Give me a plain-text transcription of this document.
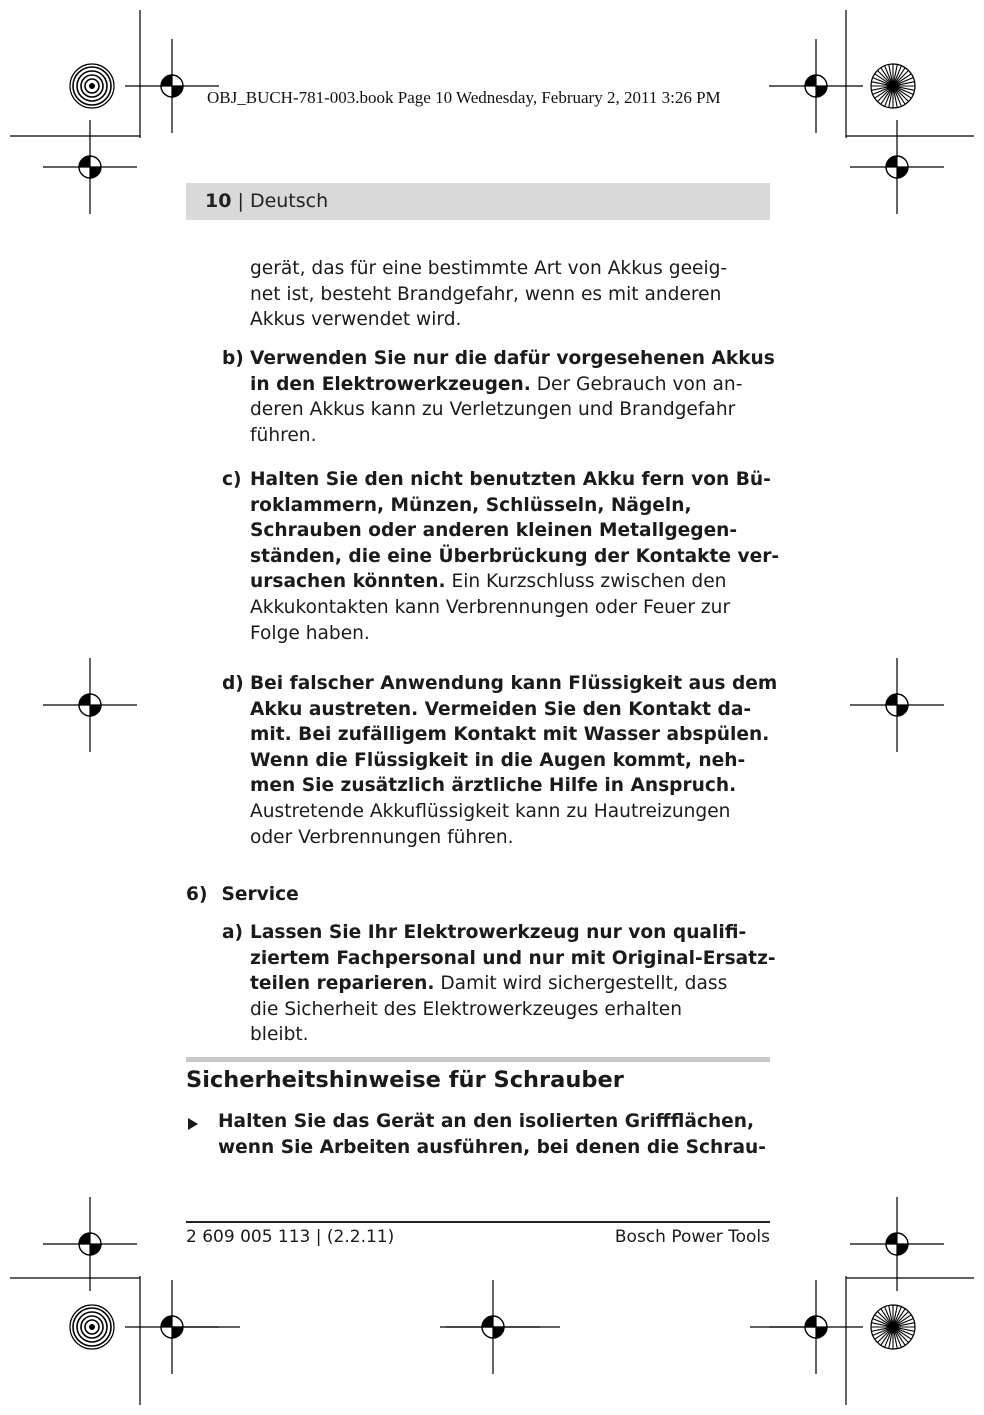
OBJ_BUCH-781-003.book Page 10 Wednesday, February 2, 2011 3:26 PM
10 | Deutsch
gerät, das für eine bestimmte Art von Akkus geeig-
net ist, besteht Brandgefahr, wenn es mit anderen
Akkus verwendet wird.
b) Verwenden Sie nur die dafür vorgesehenen Akkus
in den Elektrowerkzeugen. Der Gebrauch von an-
deren Akkus kann zu Verletzungen und Brandgefahr
führen.
c) Halten Sie den nicht benutzten Akku fern von Bü-
roklammern, Münzen, Schlüsseln, Nägeln,
Schrauben oder anderen kleinen Metallgegen-
ständen, die eine Überbrückung der Kontakte ver-
ursachen könnten. Ein Kurzschluss zwischen den
Akkukontakten kann Verbrennungen oder Feuer zur
Folge haben.
d) Bei falscher Anwendung kann Flüssigkeit aus dem
Akku austreten. Vermeiden Sie den Kontakt da-
mit. Bei zufälligem Kontakt mit Wasser abspülen.
Wenn die Flüssigkeit in die Augen kommt, neh-
men Sie zusätzlich ärztliche Hilfe in Anspruch.
Austretende Akkuflüssigkeit kann zu Hautreizungen
oder Verbrennungen führen.
6) Service
a) Lassen Sie Ihr Elektrowerkzeug nur von qualifi-
ziertem Fachpersonal und nur mit Original-Ersatz-
teilen reparieren. Damit wird sichergestellt, dass
die Sicherheit des Elektrowerkzeuges erhalten
bleibt.
Sicherheitshinweise für Schrauber
Halten Sie das Gerät an den isolierten Griffflächen,
wenn Sie Arbeiten ausführen, bei denen die Schrau-
2 609 005 113 | (2.2.11)	Bosch Power Tools
